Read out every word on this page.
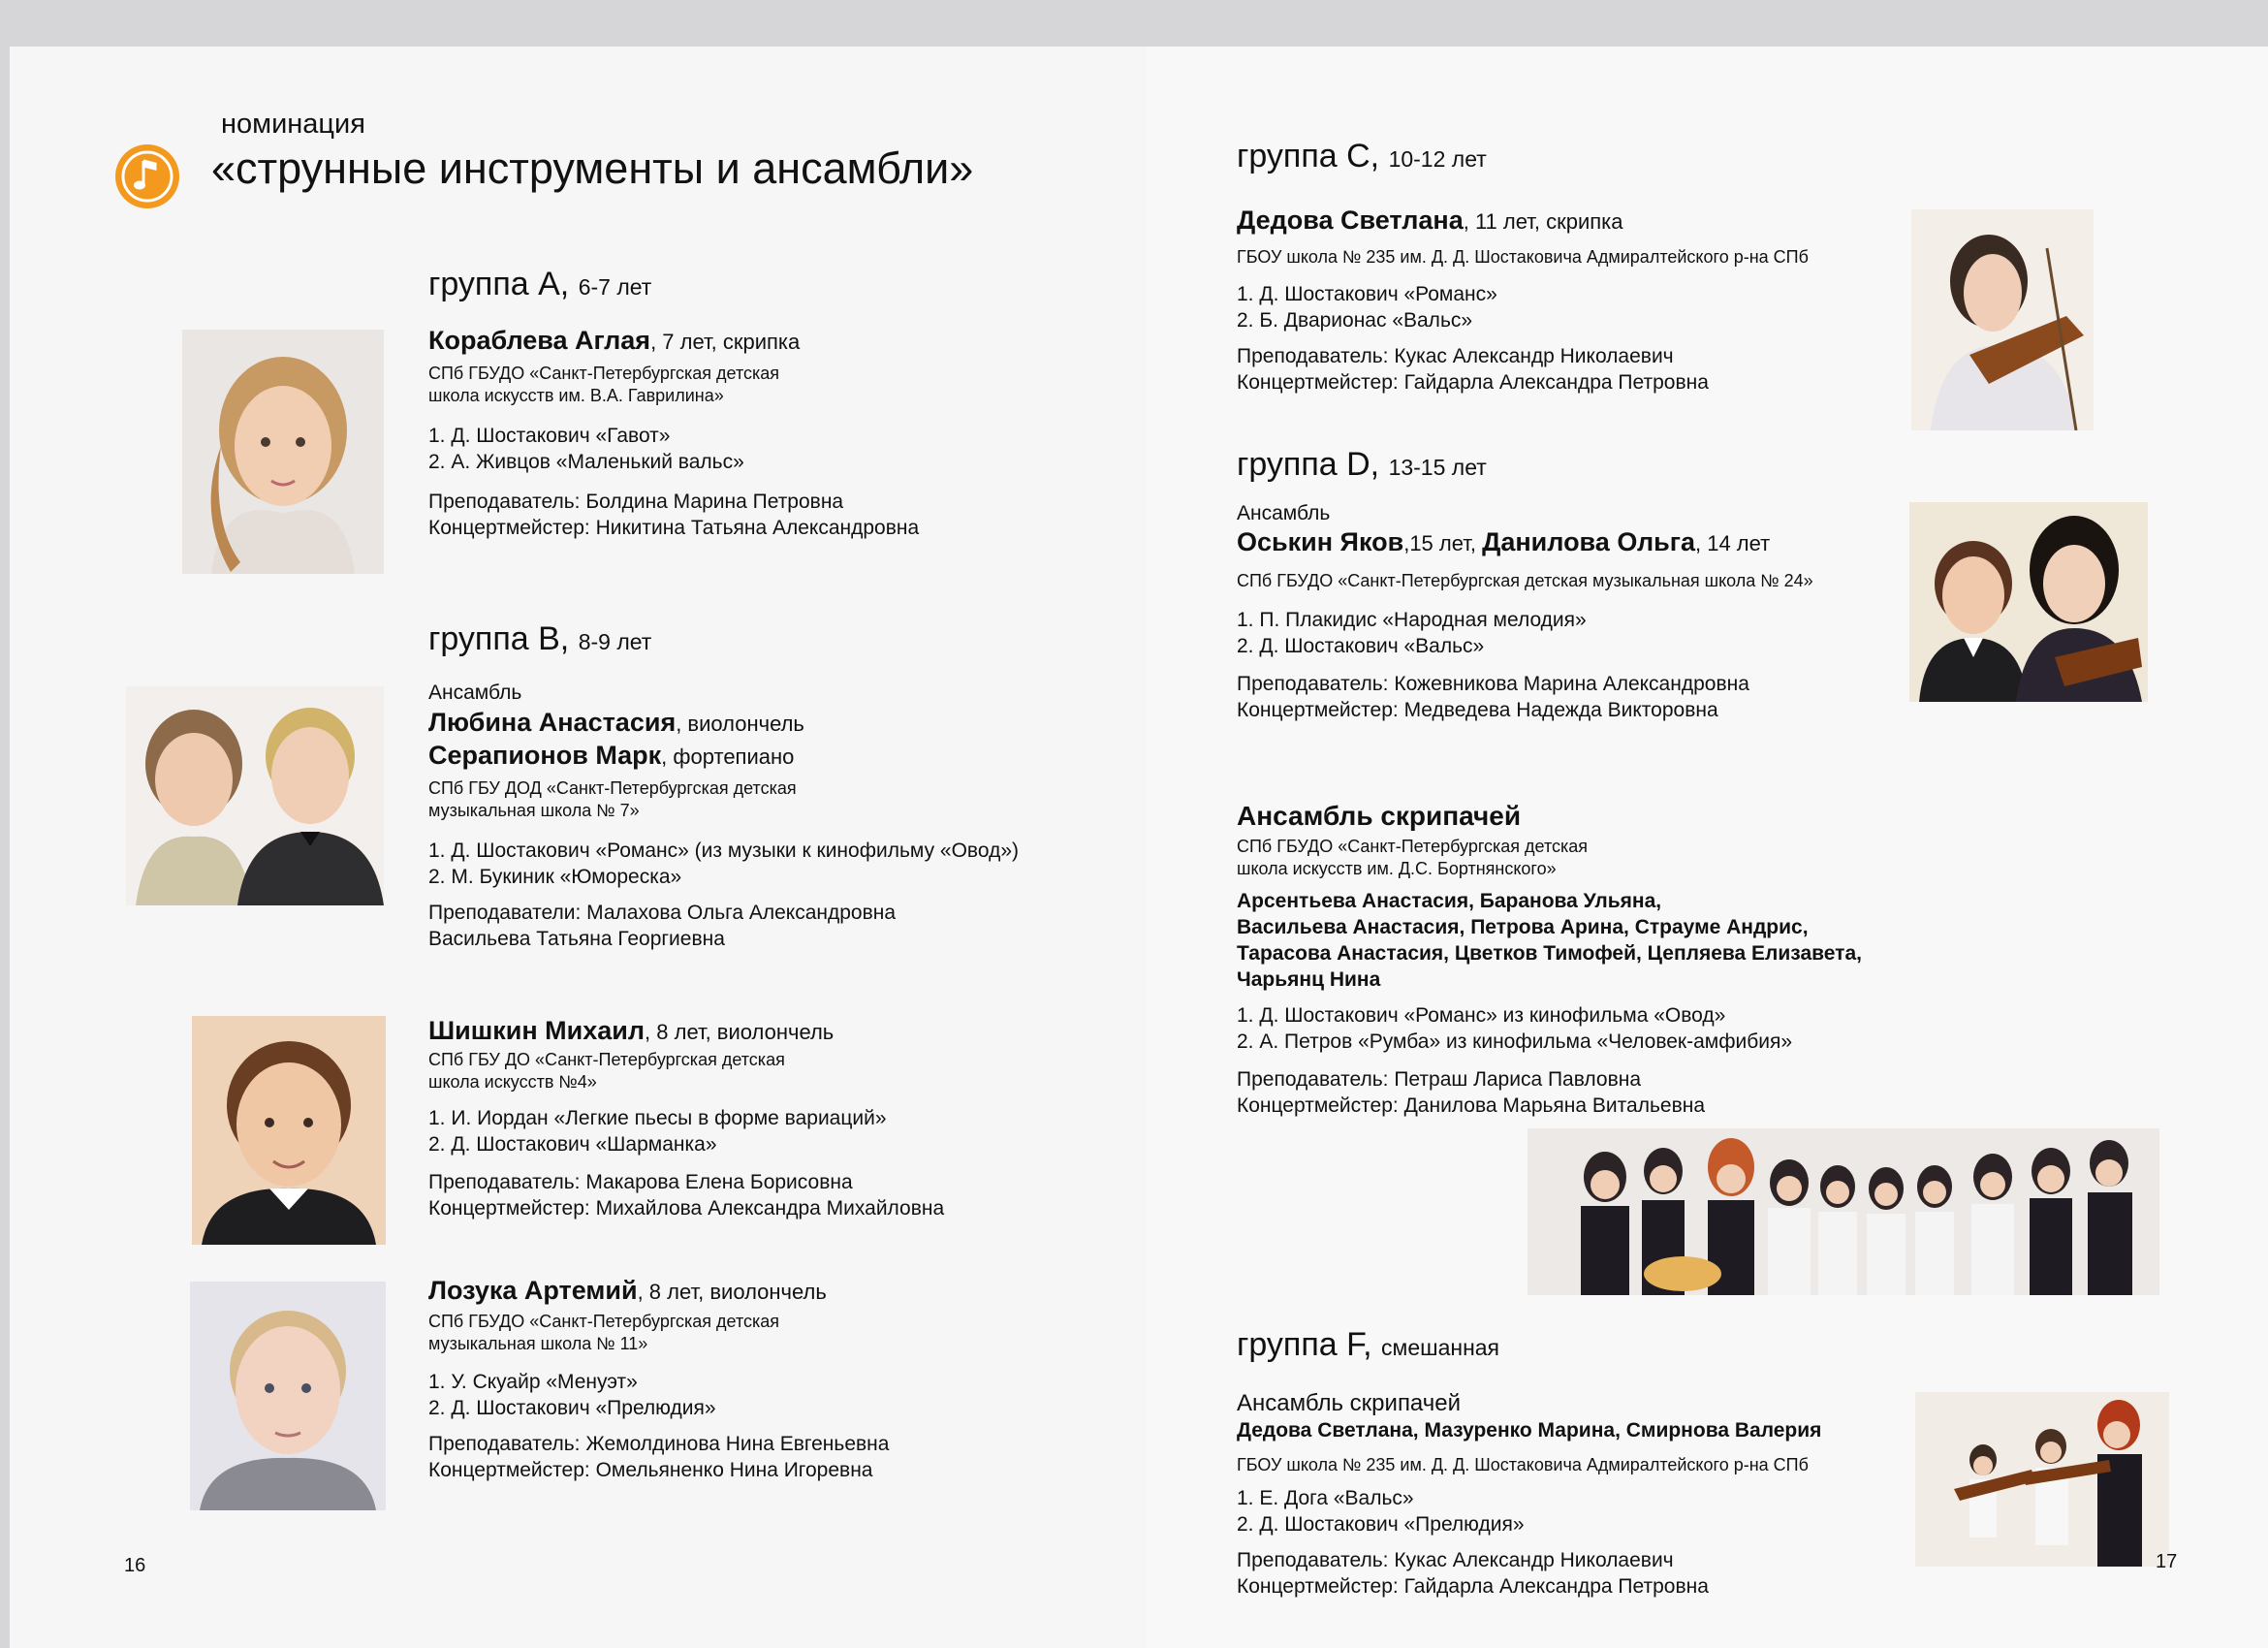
номинация
«струнные инструменты и ансамбли»
группа А, 6-7 лет
Кораблева Аглая, 7 лет, скрипка
СПб ГБУДО «Санкт-Петербургская детская школа искусств им. В.А. Гаврилина»
1. Д. Шостакович «Гавот»
2. А. Живцов «Маленький вальс»
Преподаватель: Болдина Марина Петровна
Концертмейстер: Никитина Татьяна Александровна
группа В, 8-9 лет
Ансамбль
Любина Анастасия, виолончель
Серапионов Марк, фортепиано
СПб ГБУ ДОД «Санкт-Петербургская детская музыкальная школа № 7»
1. Д. Шостакович «Романс» (из музыки к кинофильму «Овод»)
2. М. Букиник «Юмореска»
Преподаватели: Малахова Ольга Александровна
Васильева Татьяна Георгиевна
Шишкин Михаил, 8 лет, виолончель
СПб ГБУ ДО «Санкт-Петербургская детская школа искусств №4»
1. И. Иордан «Легкие пьесы в форме вариаций»
2. Д. Шостакович «Шарманка»
Преподаватель: Макарова Елена Борисовна
Концертмейстер: Михайлова Александра Михайловна
Лозука Артемий, 8 лет, виолончель
СПб ГБУДО «Санкт-Петербургская детская музыкальная школа № 11»
1. У. Скуайр «Менуэт»
2. Д. Шостакович «Прелюдия»
Преподаватель: Жемолдинова Нина Евгеньевна
Концертмейстер: Омельяненко Нина Игоревна
16
группа С, 10-12 лет
Дедова Светлана, 11 лет, скрипка
ГБОУ школа № 235 им. Д. Д. Шостаковича Адмиралтейского р-на СПб
1. Д. Шостакович «Романс»
2. Б. Дварионас «Вальс»
Преподаватель: Кукас Александр Николаевич
Концертмейстер: Гайдарла Александра Петровна
группа D, 13-15 лет
Ансамбль
Оськин Яков,15 лет, Данилова Ольга, 14 лет
СПб ГБУДО «Санкт-Петербургская детская музыкальная школа № 24»
1. П. Плакидис «Народная мелодия»
2. Д. Шостакович «Вальс»
Преподаватель: Кожевникова Марина Александровна
Концертмейстер: Медведева Надежда Викторовна
Ансамбль скрипачей
СПб ГБУДО «Санкт-Петербургская детская
школа искусств им. Д.С. Бортнянского»
Арсентьева Анастасия, Баранова Ульяна,
Васильева Анастасия, Петрова Арина, Страуме Андрис,
Тарасова Анастасия, Цветков Тимофей, Цепляева Елизавета,
Чарьянц Нина
1. Д. Шостакович «Романс» из кинофильма «Овод»
2. А. Петров «Румба» из кинофильма «Человек-амфибия»
Преподаватель: Петраш Лариса Павловна
Концертмейстер: Данилова Марьяна Витальевна
группа F, смешанная
Ансамбль скрипачей
Дедова Светлана, Мазуренко Марина, Смирнова Валерия
ГБОУ школа № 235 им. Д. Д. Шостаковича Адмиралтейского р-на СПб
1. Е. Дога «Вальс»
2. Д. Шостакович «Прелюдия»
Преподаватель: Кукас Александр Николаевич
Концертмейстер: Гайдарла Александра Петровна
17
